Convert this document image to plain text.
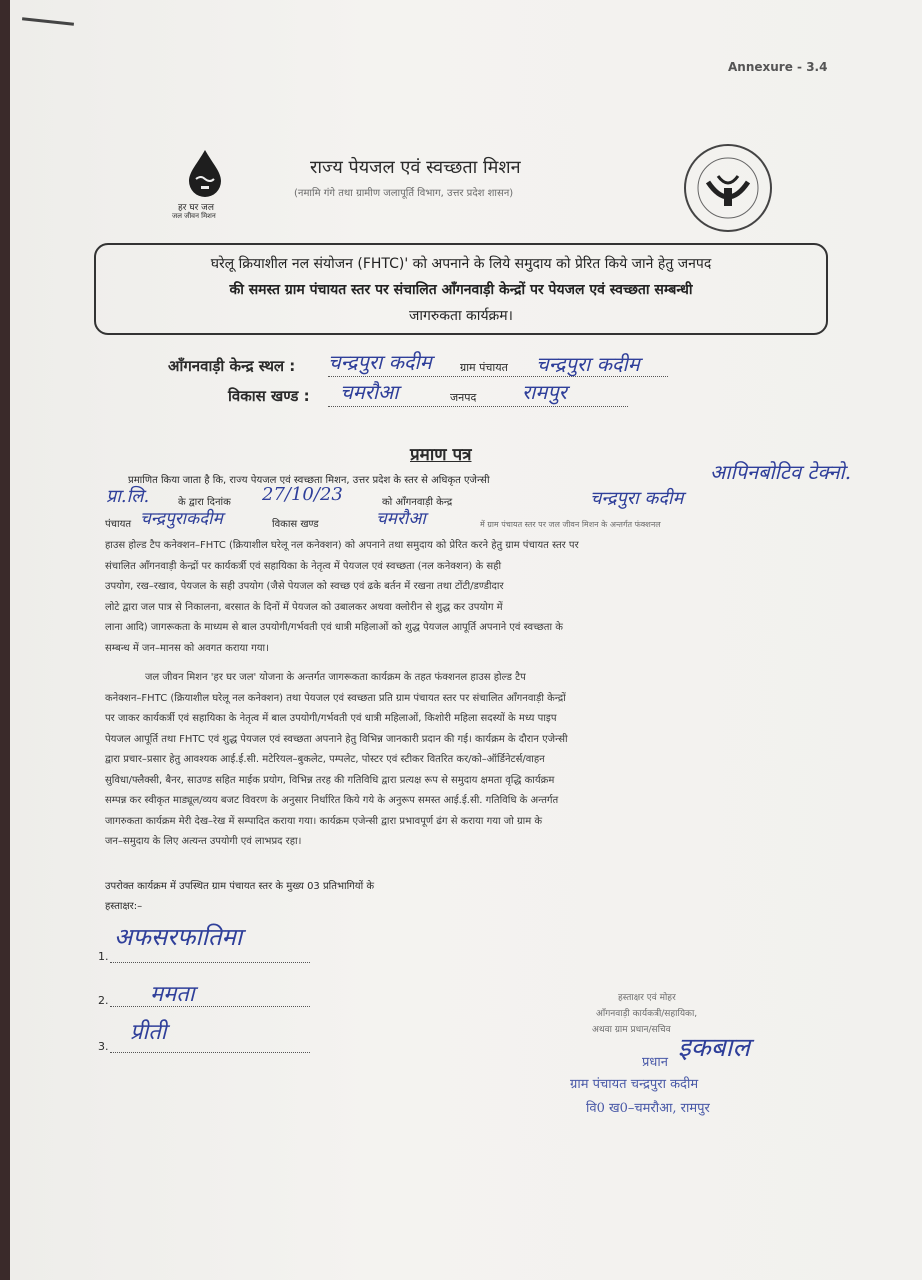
Annexure - 3.4
हर घर जल
जल जीवन मिशन
राज्य पेयजल एवं स्वच्छता मिशन
(नमामि गंगे तथा ग्रामीण जलापूर्ति विभाग, उत्तर प्रदेश शासन)
घरेलू क्रियाशील नल संयोजन (FHTC)' को अपनाने के लिये समुदाय को प्रेरित किये जाने हेतु जनपद
की समस्त ग्राम पंचायत स्तर पर संचालित आँगनवाड़ी केन्द्रों पर पेयजल एवं स्वच्छता सम्बन्धी
जागरुकता कार्यक्रम।
आँगनवाड़ी केन्द्र स्थल : चन्द्रपुरा कदीम	ग्राम पंचायत चन्द्रपुरा कदीम
विकास खण्ड : चमरौआ	जनपद रामपुर
प्रमाण पत्र
प्रमाणित किया जाता है कि, राज्य पेयजल एवं स्वच्छता मिशन, उत्तर प्रदेश के स्तर से अधिकृत एजेन्सी	आपिनबोटिव टेक्नो.
प्रा.लि.	के द्वारा दिनांक 27/10/23	को आँगनवाड़ी केन्द्र	चन्द्रपुरा कदीम
पंचायत चन्द्रपुराकदीम	विकास खण्ड	चमरौआ	में ग्राम पंचायत स्तर पर जल जीवन मिशन के अन्तर्गत फंक्शनल
हाउस होल्ड टैप कनेक्शन–FHTC (क्रियाशील घरेलू नल कनेक्शन) को अपनाने तथा समुदाय को प्रेरित करने हेतु ग्राम पंचायत स्तर पर
संचालित आँगनवाड़ी केन्द्रों पर कार्यकर्त्री एवं सहायिका के नेतृत्व में पेयजल एवं स्वच्छता (नल कनेक्शन) के सही
उपयोग, रख–रखाव, पेयजल के सही उपयोग (जैसे पेयजल को स्वच्छ एवं ढके बर्तन में रखना तथा टोंटी/डण्डीदार
लोटे द्वारा जल पात्र से निकालना, बरसात के दिनों में पेयजल को उबालकर अथवा क्लोरीन से शुद्ध कर उपयोग में
लाना आदि) जागरूकता के माध्यम से बाल उपयोगी/गर्भवती एवं धात्री महिलाओं को शुद्ध पेयजल आपूर्ति अपनाने एवं स्वच्छता के
सम्बन्ध में जन–मानस को अवगत कराया गया।
जल जीवन मिशन 'हर घर जल' योजना के अन्तर्गत जागरूकता कार्यक्रम के तहत फंक्शनल हाउस होल्ड टैप
कनेक्शन–FHTC (क्रियाशील घरेलू नल कनेक्शन) तथा पेयजल एवं स्वच्छता प्रति ग्राम पंचायत स्तर पर संचालित आँगनवाड़ी केन्द्रों
पर जाकर कार्यकर्त्री एवं सहायिका के नेतृत्व में बाल उपयोगी/गर्भवती एवं धात्री महिलाओं, किशोरी महिला सदस्यों के मध्य पाइप
पेयजल आपूर्ति तथा FHTC एवं शुद्ध पेयजल एवं स्वच्छता अपनाने हेतु विभिन्न जानकारी प्रदान की गई। कार्यक्रम के दौरान एजेन्सी
द्वारा प्रचार–प्रसार हेतु आवश्यक आई.ई.सी. मटेरियल–बुकलेट, पम्पलेट, पोस्टर एवं स्टीकर वितरित कर/को–ऑर्डिनेटर्स/वाहन
सुविधा/फ्लैक्सी, बैनर, साउण्ड सहित माईक प्रयोग, विभिन्न तरह की गतिविधि द्वारा प्रत्यक्ष रूप से समुदाय क्षमता वृद्धि कार्यक्रम
सम्पन्न कर स्वीकृत माड्यूल/व्यय बजट विवरण के अनुसार निर्धारित किये गये के अनुरूप समस्त आई.ई.सी. गतिविधि के अन्तर्गत
जागरुकता कार्यक्रम मेरी देख–रेख में सम्पादित कराया गया। कार्यक्रम एजेन्सी द्वारा प्रभावपूर्ण ढंग से कराया गया जो ग्राम के
जन–समुदाय के लिए अत्यन्त उपयोगी एवं लाभप्रद रहा।
उपरोक्त कार्यक्रम में उपस्थित ग्राम पंचायत स्तर के मुख्य 03 प्रतिभागियों के
हस्ताक्षर:–
1.
अफसरफातिमा
2. ममता
3.
प्रीती
हस्ताक्षर एवं मोहर
आँगनवाड़ी कार्यकत्री/सहायिका,
अथवा ग्राम प्रधान/सचिव
इकबाल
प्रधान
ग्राम पंचायत चन्द्रपुरा कदीम
वि0 ख0–चमरौआ, रामपुर
